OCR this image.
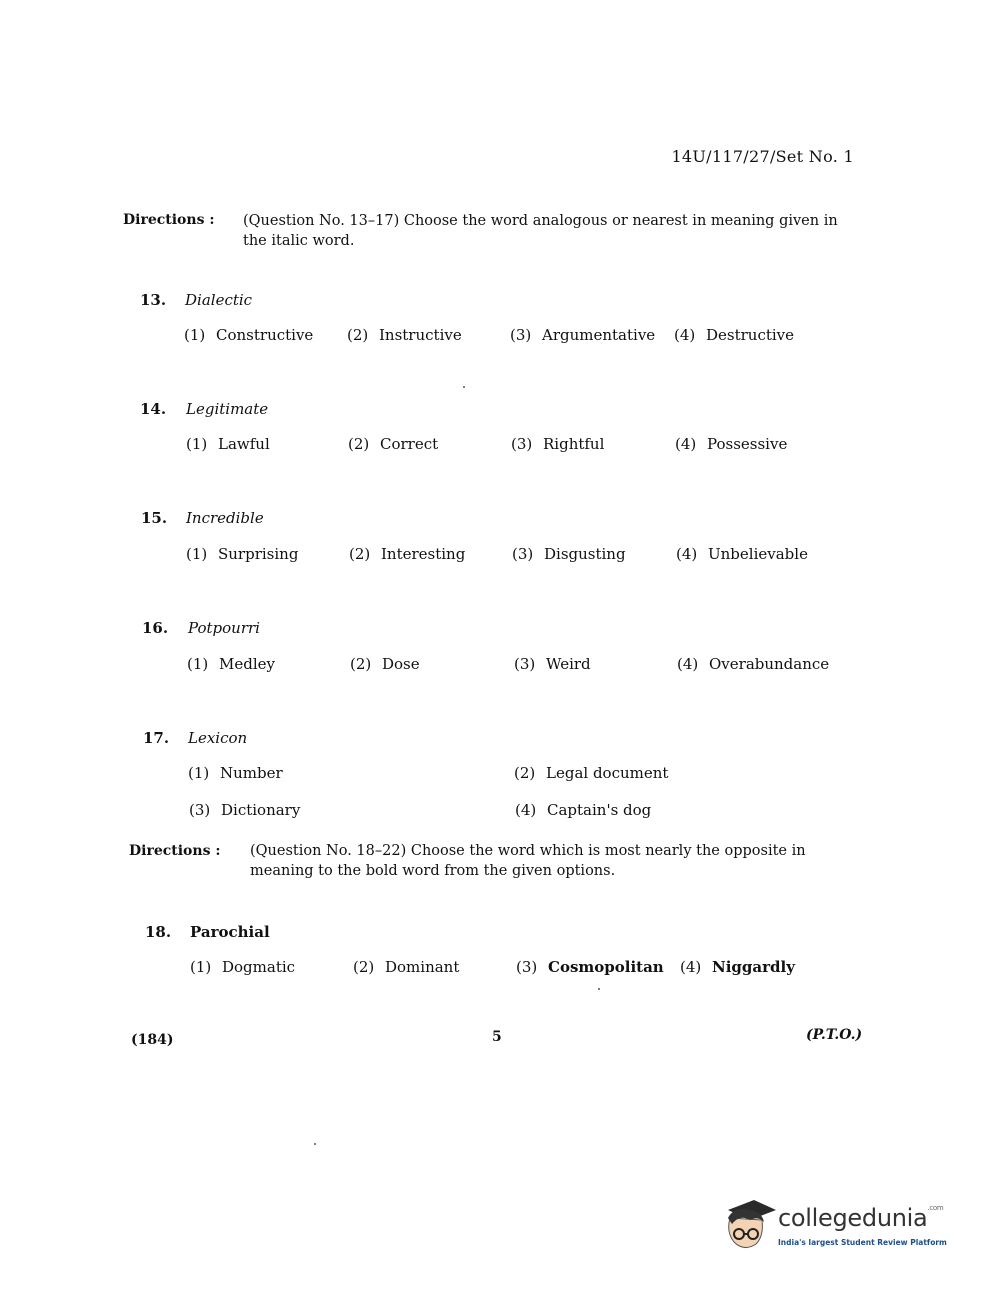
14U/117/27/Set No. 1
Directions : (Question No. 13–17) Choose the word analogous or nearest in meaning given in the italic word.
13. Dialectic
(1) Constructive (2) Instructive	(3) Argumentative (4) Destructive
14. Legitimate
(1) Lawful	(2) Correct	(3) Rightful	(4) Possessive
15. Incredible
(1) Surprising	(2) Interesting	(3) Disgusting	(4) Unbelievable
16. Potpourri
(1) Medley	(2) Dose	(3) Weird	(4) Overabundance
17. Lexicon
(1) Number	(2) Legal document
(3) Dictionary	(4) Captain's dog
Directions : (Question No. 18–22) Choose the word which is most nearly the opposite in meaning to the bold word from the given options.
18. Parochial
(1) Dogmatic	(2) Dominant	(3) Cosmopolitan (4) Niggardly
(184)	5	(P.T.O.)
collegedunia$^{.com}$
India's largest Student Review Platform
